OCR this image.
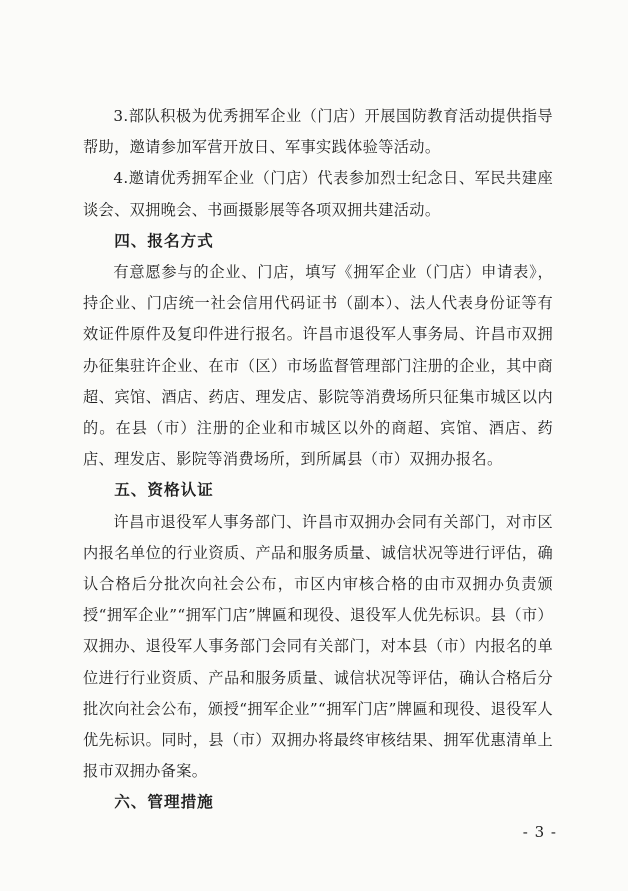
3.部队积极为优秀拥军企业（门店）开展国防教育活动提供指导帮助，邀请参加军营开放日、军事实践体验等活动。

4.邀请优秀拥军企业（门店）代表参加烈士纪念日、军民共建座谈会、双拥晚会、书画摄影展等各项双拥共建活动。

四、报名方式

有意愿参与的企业、门店，填写《拥军企业（门店）申请表》，持企业、门店统一社会信用代码证书（副本）、法人代表身份证等有效证件原件及复印件进行报名。许昌市退役军人事务局、许昌市双拥办征集驻许企业、在市（区）市场监督管理部门注册的企业，其中商超、宾馆、酒店、药店、理发店、影院等消费场所只征集市城区以内的。在县（市）注册的企业和市城区以外的商超、宾馆、酒店、药店、理发店、影院等消费场所，到所属县（市）双拥办报名。

五、资格认证

许昌市退役军人事务部门、许昌市双拥办会同有关部门，对市区内报名单位的行业资质、产品和服务质量、诚信状况等进行评估，确认合格后分批次向社会公布，市区内审核合格的由市双拥办负责颁授“拥军企业”“拥军门店”牌匾和现役、退役军人优先标识。县（市）双拥办、退役军人事务部门会同有关部门，对本县（市）内报名的单位进行行业资质、产品和服务质量、诚信状况等评估，确认合格后分批次向社会公布，颁授“拥军企业”“拥军门店”牌匾和现役、退役军人优先标识。同时，县（市）双拥办将最终审核结果、拥军优惠清单上报市双拥办备案。

六、管理措施

- 3 -
